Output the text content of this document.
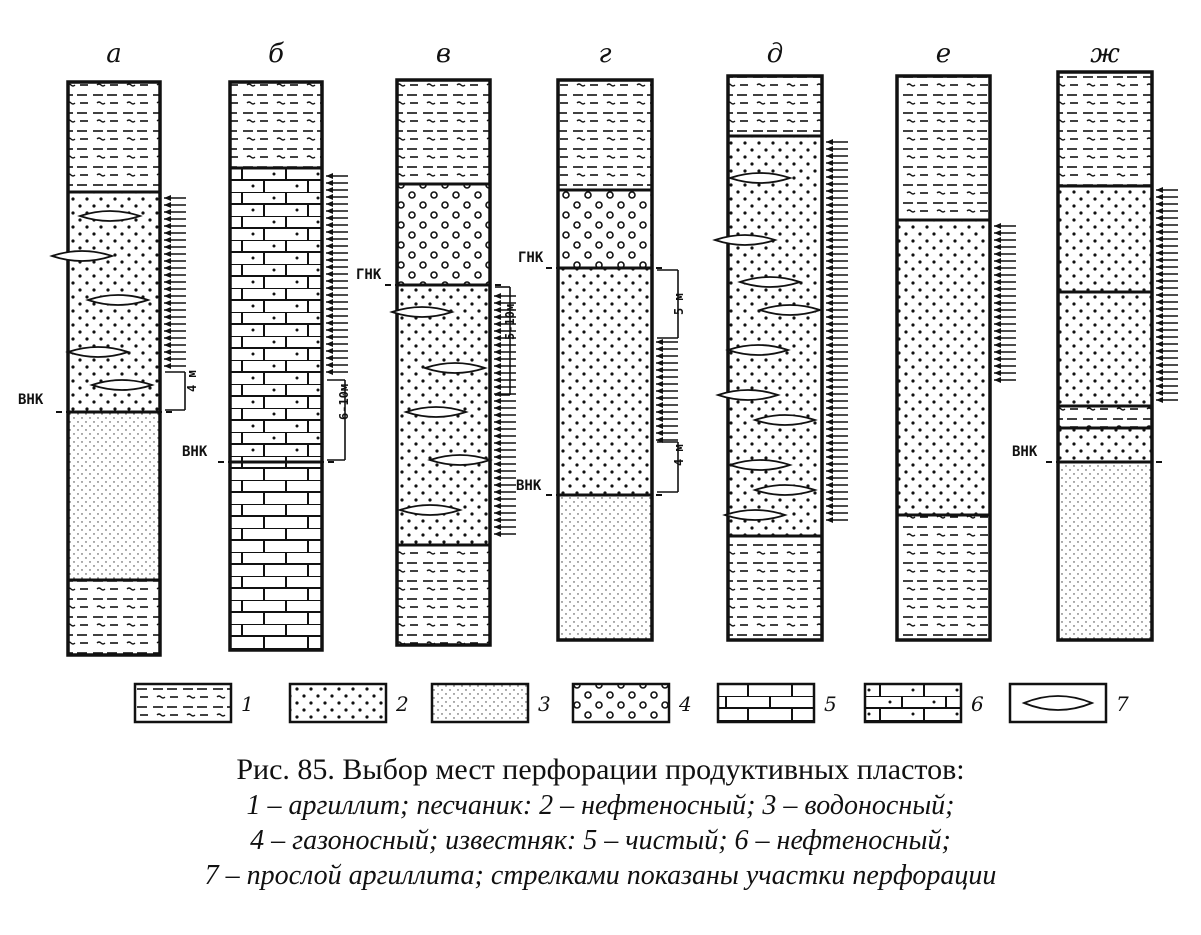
а
ВНК
4 м
б
ВНК
6-10м
в
ГНК
5-10м
г
ГНК
ВНК
5 м
4 м
д	е	ж
ВНК
1	2	3	4	5	6	7
Рис. 85. Выбор мест перфорации продуктивных пластов:
1 – аргиллит; песчаник: 2 – нефтеносный; 3 – водоносный;
4 – газоносный; известняк: 5 – чистый; 6 – нефтеносный;
7 – прослой аргиллита; стрелками показаны участки перфорации
